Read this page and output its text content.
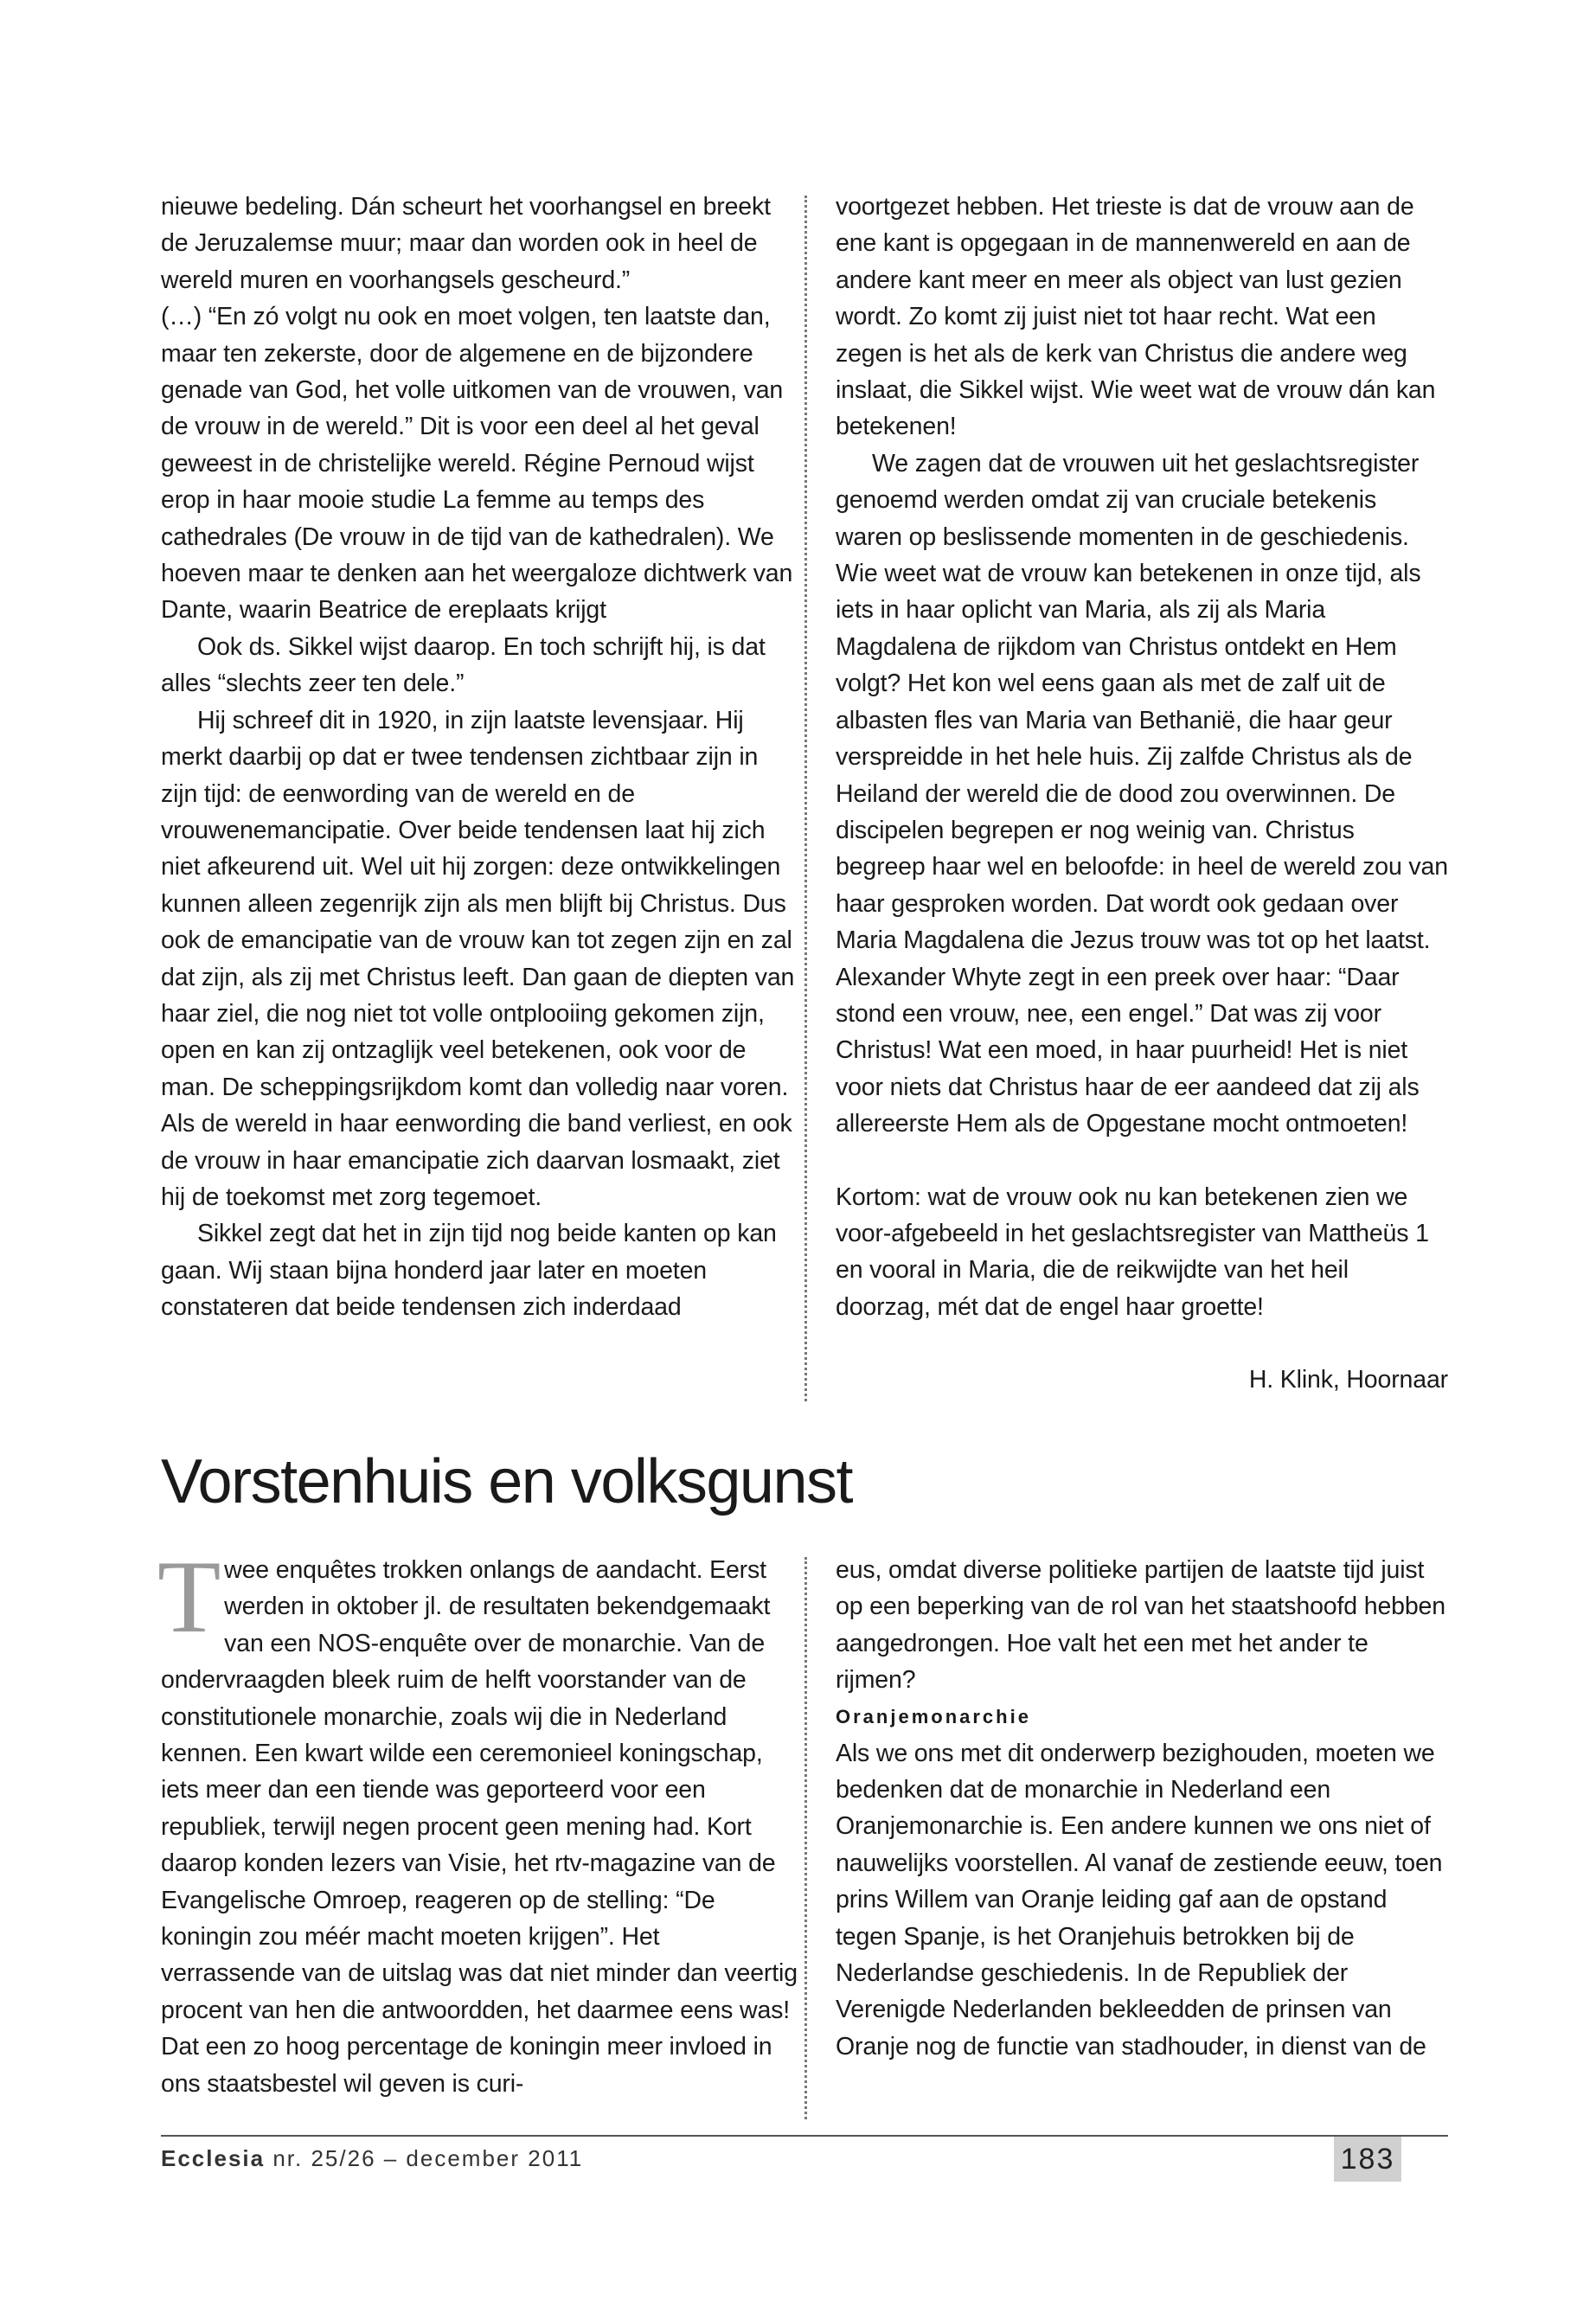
nieuwe bedeling. Dán scheurt het voorhangsel en breekt de Jeruzalemse muur; maar dan worden ook in heel de wereld muren en voorhangsels gescheurd.”

(…) “En zó volgt nu ook en moet volgen, ten laatste dan, maar ten zekerste, door de algemene en de bijzondere genade van God, het volle uitkomen van de vrouwen, van de vrouw in de wereld.” Dit is voor een deel al het geval geweest in de christelijke wereld. Régine Pernoud wijst erop in haar mooie studie La femme au temps des cathedrales (De vrouw in de tijd van de kathedralen). We hoeven maar te denken aan het weergaloze dichtwerk van Dante, waarin Beatrice de ereplaats krijgt

Ook ds. Sikkel wijst daarop. En toch schrijft hij, is dat alles “slechts zeer ten dele.”

Hij schreef dit in 1920, in zijn laatste levensjaar. Hij merkt daarbij op dat er twee tendensen zichtbaar zijn in zijn tijd: de eenwording van de wereld en de vrouwenemancipatie. Over beide tendensen laat hij zich niet afkeurend uit. Wel uit hij zorgen: deze ontwikkelingen kunnen alleen zegenrijk zijn als men blijft bij Christus. Dus ook de emancipatie van de vrouw kan tot zegen zijn en zal dat zijn, als zij met Christus leeft. Dan gaan de diepten van haar ziel, die nog niet tot volle ontplooiing gekomen zijn, open en kan zij ontzaglijk veel betekenen, ook voor de man. De scheppingsrijkdom komt dan volledig naar voren. Als de wereld in haar eenwording die band verliest, en ook de vrouw in haar emancipatie zich daarvan losmaakt, ziet hij de toekomst met zorg tegemoet.

Sikkel zegt dat het in zijn tijd nog beide kanten op kan gaan. Wij staan bijna honderd jaar later en moeten constateren dat beide tendensen zich inderdaad

voortgezet hebben. Het trieste is dat de vrouw aan de ene kant is opgegaan in de mannenwereld en aan de andere kant meer en meer als object van lust gezien wordt. Zo komt zij juist niet tot haar recht. Wat een zegen is het als de kerk van Christus die andere weg inslaat, die Sikkel wijst. Wie weet wat de vrouw dán kan betekenen!

We zagen dat de vrouwen uit het geslachtsregister genoemd werden omdat zij van cruciale betekenis waren op beslissende momenten in de geschiedenis. Wie weet wat de vrouw kan betekenen in onze tijd, als iets in haar oplicht van Maria, als zij als Maria Magdalena de rijkdom van Christus ontdekt en Hem volgt? Het kon wel eens gaan als met de zalf uit de albasten fles van Maria van Bethanië, die haar geur verspreidde in het hele huis. Zij zalfde Christus als de Heiland der wereld die de dood zou overwinnen. De discipelen begrepen er nog weinig van. Christus begreep haar wel en beloofde: in heel de wereld zou van haar gesproken worden. Dat wordt ook gedaan over Maria Magdalena die Jezus trouw was tot op het laatst. Alexander Whyte zegt in een preek over haar: “Daar stond een vrouw, nee, een engel.” Dat was zij voor Christus! Wat een moed, in haar puurheid! Het is niet voor niets dat Christus haar de eer aandeed dat zij als allereerste Hem als de Opgestane mocht ontmoeten!

Kortom: wat de vrouw ook nu kan betekenen zien we voor-afgebeeld in het geslachtsregister van Mattheüs 1 en vooral in Maria, die de reikwijdte van het heil doorzag, mét dat de engel haar groette!

H. Klink, Hoornaar

Vorstenhuis en volksgunst

Twee enquêtes trokken onlangs de aandacht. Eerst werden in oktober jl. de resultaten bekendgemaakt van een NOS-enquête over de monarchie. Van de ondervraagden bleek ruim de helft voorstander van de constitutionele monarchie, zoals wij die in Nederland kennen. Een kwart wilde een ceremonieel koningschap, iets meer dan een tiende was geporteerd voor een republiek, terwijl negen procent geen mening had. Kort daarop konden lezers van Visie, het rtv-magazine van de Evangelische Omroep, reageren op de stelling: “De koningin zou méér macht moeten krijgen”. Het verrassende van de uitslag was dat niet minder dan veertig procent van hen die antwoordden, het daarmee eens was! Dat een zo hoog percentage de koningin meer invloed in ons staatsbestel wil geven is curi-

eus, omdat diverse politieke partijen de laatste tijd juist op een beperking van de rol van het staatshoofd hebben aangedrongen. Hoe valt het een met het ander te rijmen?

Oranjemonarchie

Als we ons met dit onderwerp bezighouden, moeten we bedenken dat de monarchie in Nederland een Oranjemonarchie is. Een andere kunnen we ons niet of nauwelijks voorstellen. Al vanaf de zestiende eeuw, toen prins Willem van Oranje leiding gaf aan de opstand tegen Spanje, is het Oranjehuis betrokken bij de Nederlandse geschiedenis. In de Republiek der Verenigde Nederlanden bekleedden de prinsen van Oranje nog de functie van stadhouder, in dienst van de

Ecclesia nr. 25/26 – december 2011	183
